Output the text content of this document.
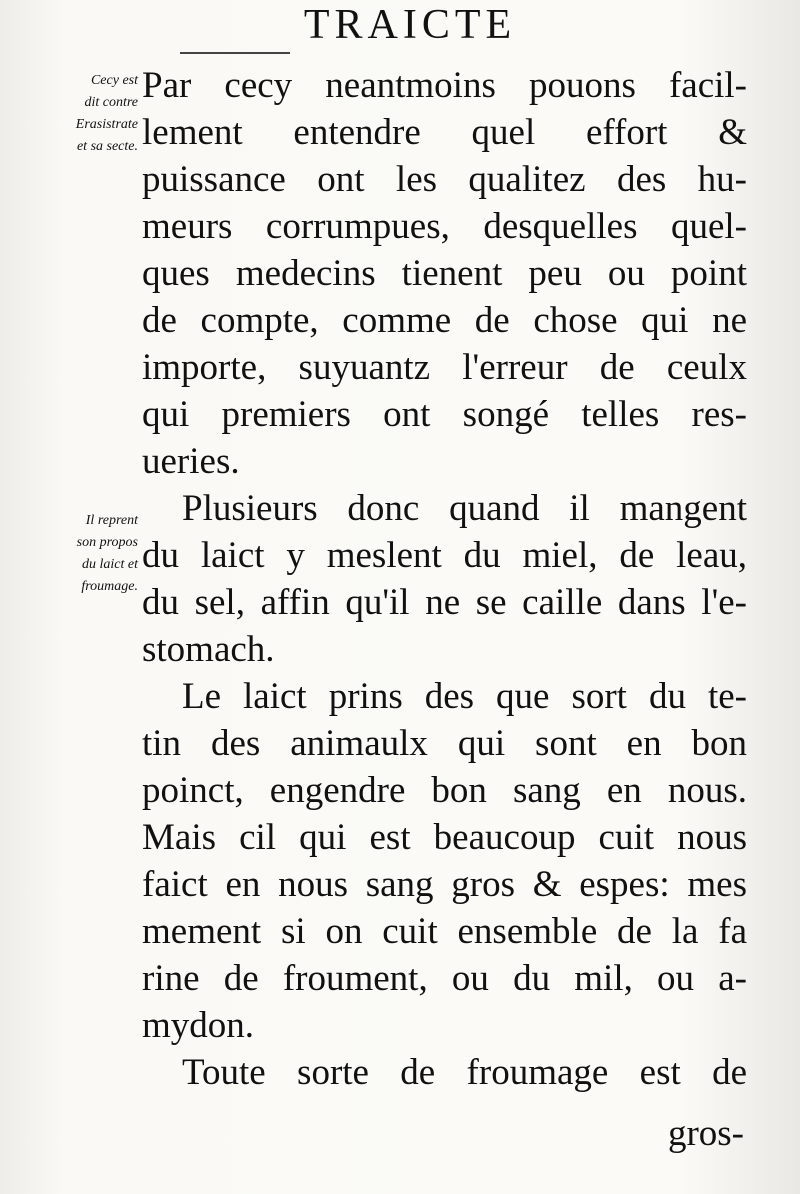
TRAICTE
Cecy est
dit contre
Erasistrate
et sa secte.
Il reprent
son propos
du laict et
froumage.
Par cecy neantmoins pouons facil-
lement entendre quel effort &
puissance ont les qualitez des hu-
meurs corrumpues, desquelles quel-
ques medecins tienent peu ou point
de compte, comme de chose qui ne
importe, suyuantz l'erreur de ceulx
qui premiers ont songé telles res-
ueries.
Plusieurs donc quand il mangent
du laict y meslent du miel, de leau,
du sel, affin qu'il ne se caille dans l'e-
stomach.
Le laict prins des que sort du te-
tin des animaulx qui sont en bon
poinct, engendre bon sang en nous.
Mais cil qui est beaucoup cuit nous
faict en nous sang gros & espes: mes
mement si on cuit ensemble de la fa
rine de froument, ou du mil, ou a-
mydon.
Toute sorte de froumage est de
gros-
